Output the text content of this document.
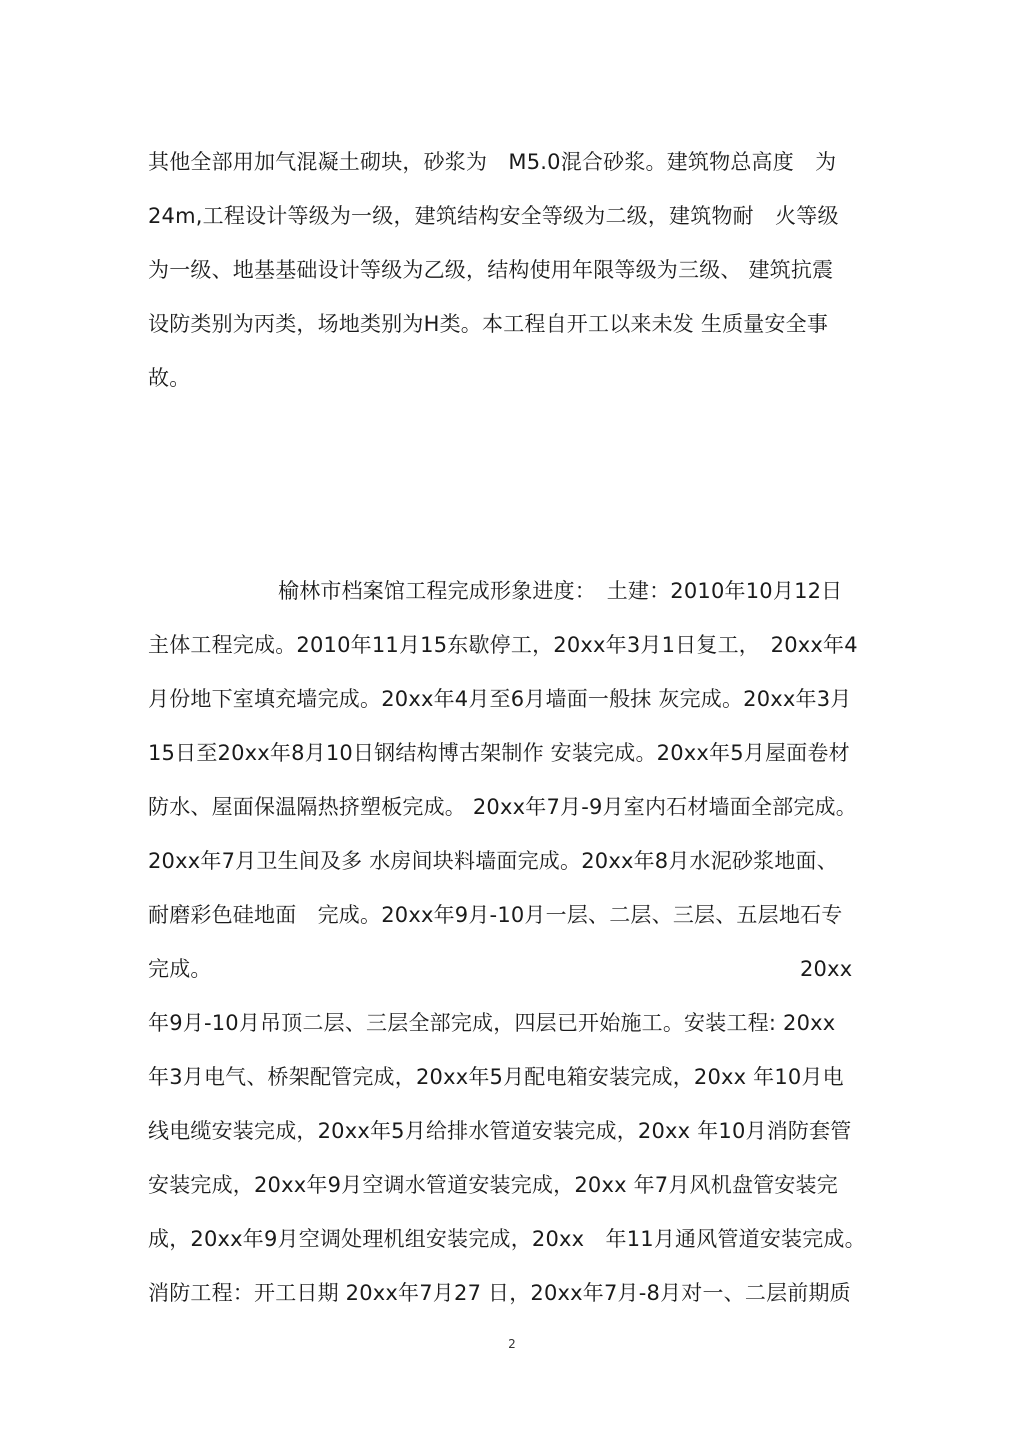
其他全部用加气混凝土砌块，砂浆为　M5.0混合砂浆。建筑物总高度　为
24m,工程设计等级为一级，建筑结构安全等级为二级，建筑物耐　火等级
为一级、地基基础设计等级为乙级，结构使用年限等级为三级、 建筑抗震
设防类别为丙类，场地类别为H类。本工程自开工以来未发 生质量安全事
故。
榆林市档案馆工程完成形象进度：　土建：2010年10月12日
主体工程完成。2010年11月15东歇停工，20xx年3月1日复工，　20xx年4
月份地下室填充墙完成。20xx年4月至6月墙面一般抹 灰完成。20xx年3月
15日至20xx年8月10日钢结构博古架制作 安装完成。20xx年5月屋面卷材
防水、屋面保温隔热挤塑板完成。 20xx年7月-9月室内石材墙面全部完成。
20xx年7月卫生间及多 水房间块料墙面完成。20xx年8月水泥砂浆地面、
耐磨彩色硅地面　完成。20xx年9月-10月一层、二层、三层、五层地石专
完成。	20xx
年9月-10月吊顶二层、三层全部完成，四层已开始施工。安装工程: 20xx
年3月电气、桥架配管完成，20xx年5月配电箱安装完成，20xx 年10月电
线电缆安装完成，20xx年5月给排水管道安装完成，20xx 年10月消防套管
安装完成，20xx年9月空调水管道安装完成，20xx 年7月风机盘管安装完
成，20xx年9月空调处理机组安装完成，20xx　年11月通风管道安装完成。
消防工程：开工日期 20xx年7月27 日，20xx年7月-8月对一、二层前期质
2
